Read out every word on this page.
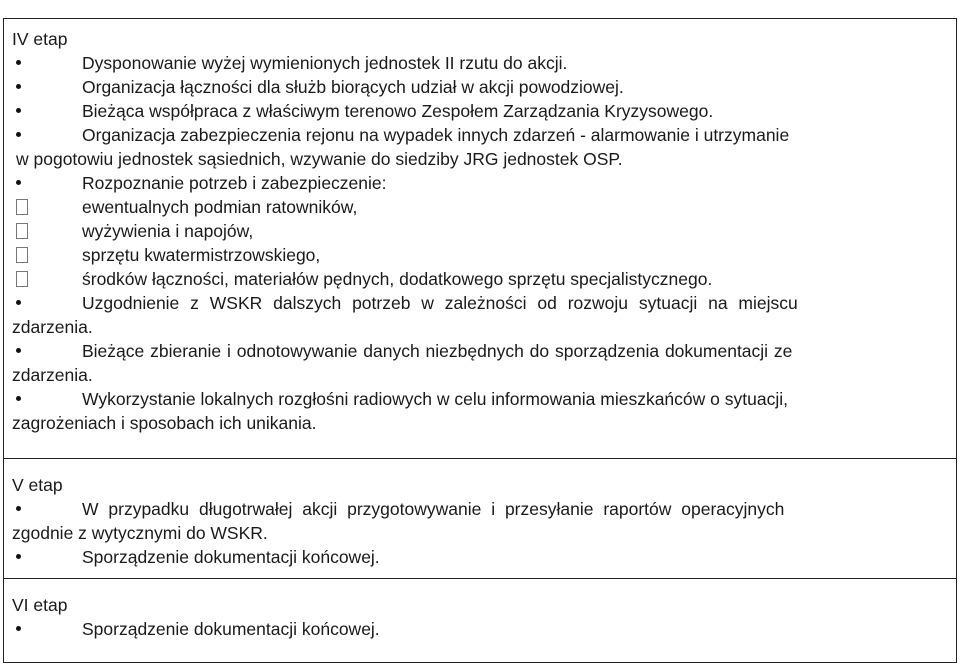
IV etap
Dysponowanie wyżej wymienionych jednostek II rzutu do akcji.
Organizacja łączności dla służb biorących udział w akcji powodziowej.
Bieżąca współpraca z właściwym terenowo Zespołem Zarządzania Kryzysowego.
Organizacja zabezpieczenia rejonu na wypadek innych zdarzeń - alarmowanie i utrzymanie
w pogotowiu jednostek sąsiednich, wzywanie do siedziby JRG jednostek OSP.
Rozpoznanie potrzeb i zabezpieczenie:
ewentualnych podmian ratowników,
wyżywienia i napojów,
sprzętu kwatermistrzowskiego,
środków łączności, materiałów pędnych, dodatkowego sprzętu specjalistycznego.
Uzgodnienie z WSKR dalszych potrzeb w zależności od rozwoju sytuacji na miejscu
zdarzenia.
Bieżące zbieranie i odnotowywanie danych niezbędnych do sporządzenia dokumentacji ze
zdarzenia.
Wykorzystanie lokalnych rozgłośni radiowych w celu informowania mieszkańców o sytuacji,
zagrożeniach i sposobach ich unikania.
V etap
W przypadku długotrwałej akcji przygotowywanie i przesyłanie raportów operacyjnych
zgodnie z wytycznymi do WSKR.
Sporządzenie dokumentacji końcowej.
VI etap
Sporządzenie dokumentacji końcowej.
